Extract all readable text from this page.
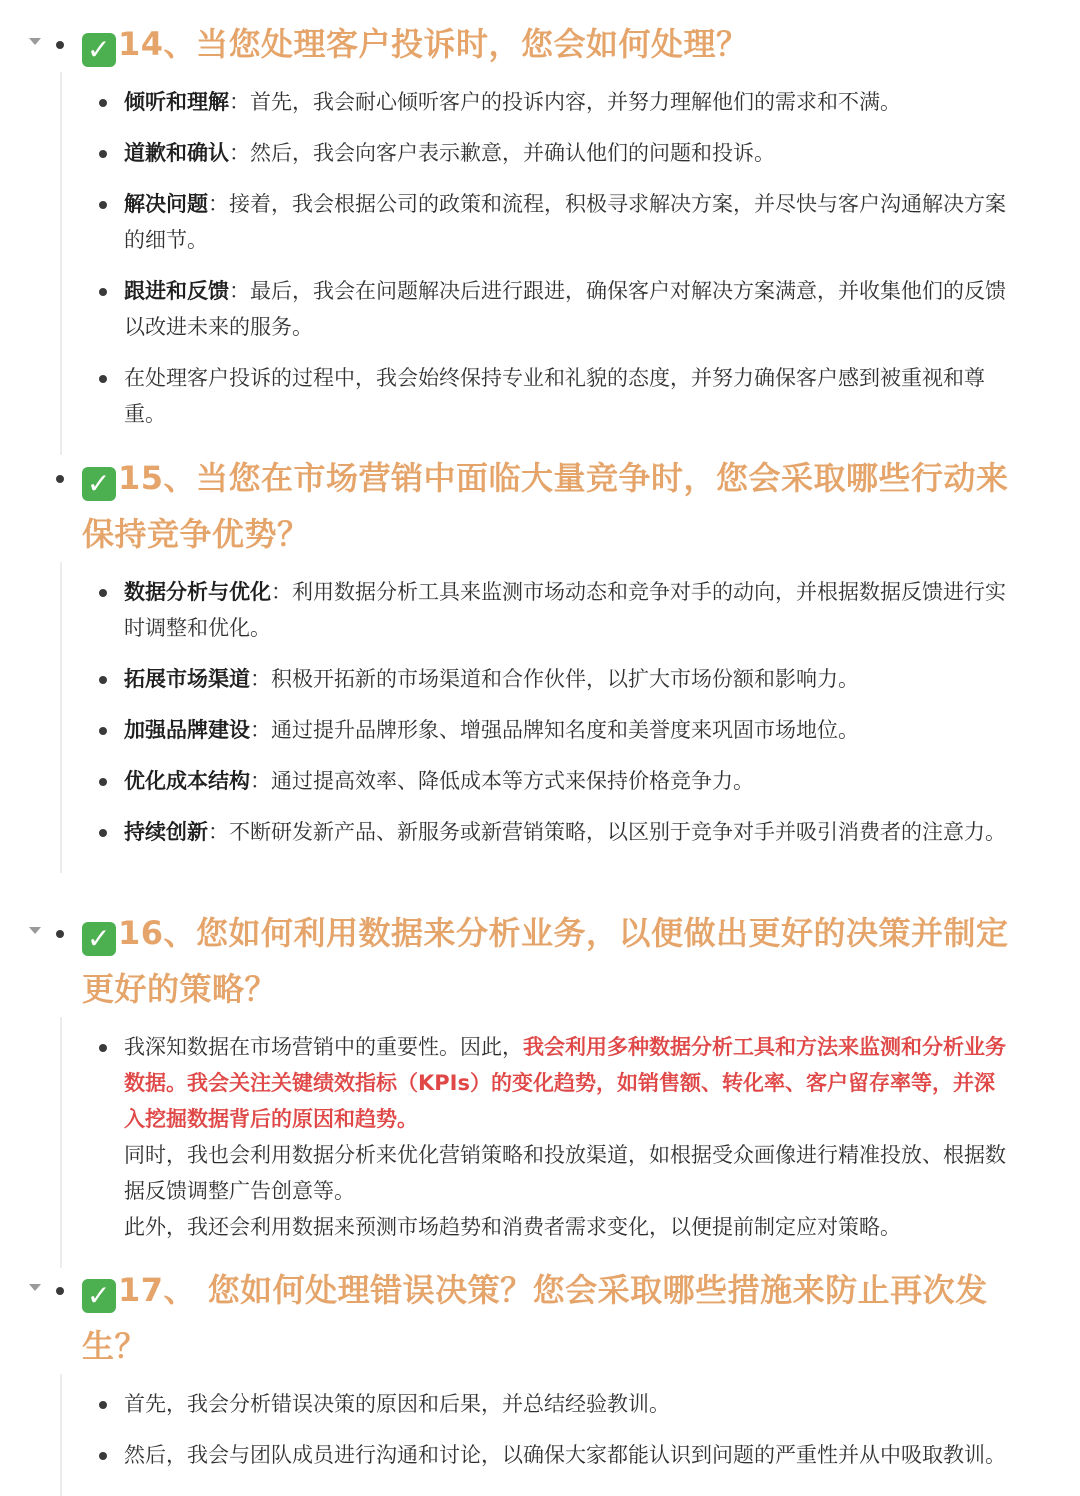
✓ 14、当您处理客户投诉时，您会如何处理？
倾听和理解：首先，我会耐心倾听客户的投诉内容，并努力理解他们的需求和不满。
道歉和确认：然后，我会向客户表示歉意，并确认他们的问题和投诉。
解决问题：接着，我会根据公司的政策和流程，积极寻求解决方案，并尽快与客户沟通解决方案的细节。
跟进和反馈：最后，我会在问题解决后进行跟进，确保客户对解决方案满意，并收集他们的反馈以改进未来的服务。
在处理客户投诉的过程中，我会始终保持专业和礼貌的态度，并努力确保客户感到被重视和尊重。
✓ 15、当您在市场营销中面临大量竞争时，您会采取哪些行动来保持竞争优势？
数据分析与优化：利用数据分析工具来监测市场动态和竞争对手的动向，并根据数据反馈进行实时调整和优化。
拓展市场渠道：积极开拓新的市场渠道和合作伙伴，以扩大市场份额和影响力。
加强品牌建设：通过提升品牌形象、增强品牌知名度和美誉度来巩固市场地位。
优化成本结构：通过提高效率、降低成本等方式来保持价格竞争力。
持续创新：不断研发新产品、新服务或新营销策略，以区别于竞争对手并吸引消费者的注意力。
✓ 16、您如何利用数据来分析业务，以便做出更好的决策并制定更好的策略？
我深知数据在市场营销中的重要性。因此，我会利用多种数据分析工具和方法来监测和分析业务数据。我会关注关键绩效指标（KPIs）的变化趋势，如销售额、转化率、客户留存率等，并深入挖掘数据背后的原因和趋势。
同时，我也会利用数据分析来优化营销策略和投放渠道，如根据受众画像进行精准投放、根据数据反馈调整广告创意等。
此外，我还会利用数据来预测市场趋势和消费者需求变化，以便提前制定应对策略。
✓ 17、 您如何处理错误决策？您会采取哪些措施来防止再次发生？
首先，我会分析错误决策的原因和后果，并总结经验教训。
然后，我会与团队成员进行沟通和讨论，以确保大家都能认识到问题的严重性并从中吸取教训。
